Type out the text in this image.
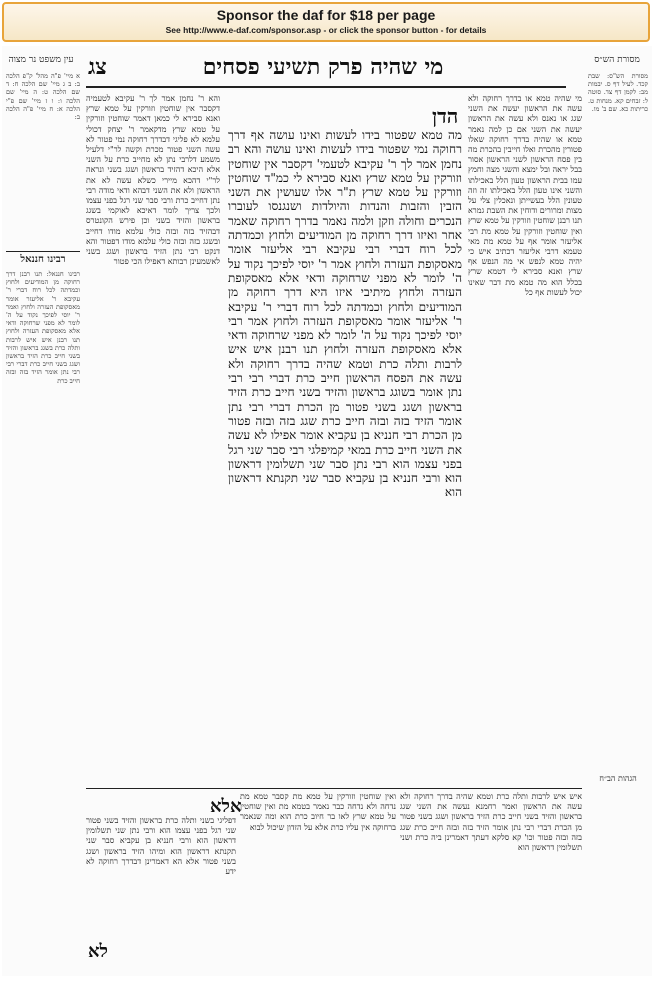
Sponsor the daf for $18 per page
See http://www.e-daf.com/sponsor.asp - or click the sponsor button - for details
צג	מי שהיה פרק תשיעי פסחים
עין משפט נר מצוה	מסורת הש״ס
א מיי' פ"ה מהל' ק"פ הלכה ב: ב ג מיי' שם הלכה ח: ד שם הלכה ט: ה מיי' שם הלכה ו: ו ז מיי' שם פ"י הלכה א: ח מיי' פ"ה הלכה ב:
רבינו חננאל
רבינו חננאל: תנו רבנן דרך רחוקה מן המודיעים ולחוץ וכמדתה לכל רוח דברי ר' עקיבא ר' אליעזר אומר מאסקופת העזרה ולחוץ ואמר ר' יוסי לפיכך נקוד על ה' לומר לא מפני שרחוקה ודאי אלא מאסקופת העזרה ולחוץ תנו רבנן איש איש לרבות ותלה כרת בשגג בראשון והזיד בשני חייב כרת הזיד בראשון ושגג בשני חייב כרת דברי רבי רבי נתן אומר הזיד בזה ובזה חייב כרת
מסורת הש"ס: שבת קכד. לעיל דף ס. יבמות מב: לקמן דף צד. סוטה ל: זבחים קא. מנחות ט. כריתות כא. שם ב' מו.
הגהות הב״ח
והא ר' נחמן אמר לך ר' עקיבא לטעמיה דקסבר אין שוחטין וזורקין על טמא שרץ ואנא סבירא לי כמאן דאמר שוחטין וזורקין על טמא שרץ מדקאמר ר' יצחק דכולי עלמא לא פליגי דבדרך רחוקה נמי פטור לא עשה השני פטור מכרת וקשה לר"י דלעיל משמע דלרבי נתן לא מחייב כרת על השני אלא היכא דהזיד בראשון ושגג בשני ונראה לר"י דהכא מיירי כשלא עשה לא את הראשון ולא את השני דבהא ודאי מודה רבי נתן דחייב כרת ורבי סבר שני רגל בפני עצמו ולכך צריך לומר דאיכא לאוקמי בשגג בראשון והזיד בשני וכן פירש הקונטרס דבהזיד בזה ובזה כולי עלמא מודו דחייב ובשגג בזה ובזה כולי עלמא מודו דפטור והא דנקט רבי נתן הזיד בראשון ושגג בשני לאשמעינן רבותא דאפילו הכי פטור
הדן
מה טמא שפטור בידו לעשות ואינו עושה אף דרך רחוקה נמי שפטור בידו לעשות ואינו עושה והא רב נחמן אמר לך ר' עקיבא לטעמי' דקסבר אין שוחטין וזורקין על טמא שרץ ואנא סבירא לי כמ"ד שוחטין וזורקין על טמא שרץ ת"ר אלו שעושין את השני הזבין והזבות והנדות והיולדות ושנגנסו לעוברו הנכרים וחולה וזקן ולמה נאמר בדרך רחוקה שאמר אחר ואיזו דרך רחוקה מן המודיעים ולחוץ וכמדתה לכל רוח דברי רבי עקיבא רבי אליעזר אומר מאסקופת העזרה ולחוץ אמר ר' יוסי לפיכך נקוד על ה' לומר לא מפני שרחוקה ודאי אלא מאסקופת העזרה ולחוץ מיתיבי איזו היא דרך רחוקה מן המודיעים ולחוץ וכמדתה לכל רוח דברי ר' עקיבא ר' אליעזר אומר מאסקופת העזרה ולחוץ אמר רבי יוסי לפיכך נקוד על ה' לומר לא מפני שרחוקה ודאי אלא מאסקופת העזרה ולחוץ תנו רבנן איש איש לרבות ותלה כרת וטמא שהיה בדרך רחוקה ולא עשה את הפסח הראשון חייב כרת דברי רבי רבי נתן אומר בשוגג בראשון והזיד בשני חייב כרת הזיד בראשון ושגג בשני פטור מן הכרת דברי רבי נתן אומר הזיד בזה ובזה חייב כרת שגג בזה ובזה פטור מן הכרת רבי חנניא בן עקביא אומר אפילו לא עשה את השני חייב כרת במאי קמיפלגי רבי סבר שני רגל בפני עצמו הוא רבי נתן סבר שני תשלומין דראשון הוא ורבי חנניא בן עקביא סבר שני תקנתא דראשון הוא
מי שהיה טמא או בדרך רחוקה ולא עשה את הראשון יעשה את השני שגג או נאנס ולא עשה את הראשון יעשה את השני אם כן למה נאמר טמא או שהיה בדרך רחוקה שאלו פטורין מהכרת ואלו חייבין בהכרת מה בין פסח הראשון לשני הראשון אסור בבל יראה ובל ימצא והשני מצה וחמץ עמו בבית הראשון טעון הלל באכילתו והשני אינו טעון הלל באכילתו זה וזה טעונין הלל בעשייתן ונאכלין צלי על מצות ומרורים ודוחין את השבת גמרא תנו רבנן שוחטין וזורקין על טמא שרץ ואין שוחטין וזורקין על טמא מת רבי אליעזר אומר אף על טמא מת מאי טעמא דרבי אליעזר דכתיב איש כי יהיה טמא לנפש אי מה הנפש אף שרץ ואנא סבירא לי דטמא שרץ בכלל הוא מה טמא מת דבר שאינו יכול לעשות אף כל
איש איש לרבות ותלה כרת וטמא שהיה בדרך רחוקה ולא עשה את הראשון ואמר רחמנא נעשה את השני שגג בראשון והזיד בשני חייב כרת הזיד בראשון ושגג בשני פטור מן הכרת דברי רבי נתן אומר הזיד בזה ובזה חייב כרת שגג בזה ובזה פטור וכו' קא סלקא דעתך דאמרינן ביה כרת ושני תשלומין דראשון הוא
ואין שוחטין וזורקין על טמא מת קסבר טמא מת נדחה ולא נדחה כבר נאמר בטמא מת ואין שוחטין על טמא שרץ לאו בר חיוב כרת הוא ומה שנאמר ברחוקה אין עליו כרת אלא על הזדון שיכול לבוא
אלא
דפליגי בשני ותלה כרת בראשון והזיד בשני פטור שני רגל בפני עצמו הוא ורבי נתן שני תשלומין דראשון הוא ורבי חנניא בן עקביא סבר שני תקנתא דראשון הוא ומיהו הזיד בראשון ושגג בשני פטור אלא הא דאמרינן דבדרך רחוקה לא ידע
לא
